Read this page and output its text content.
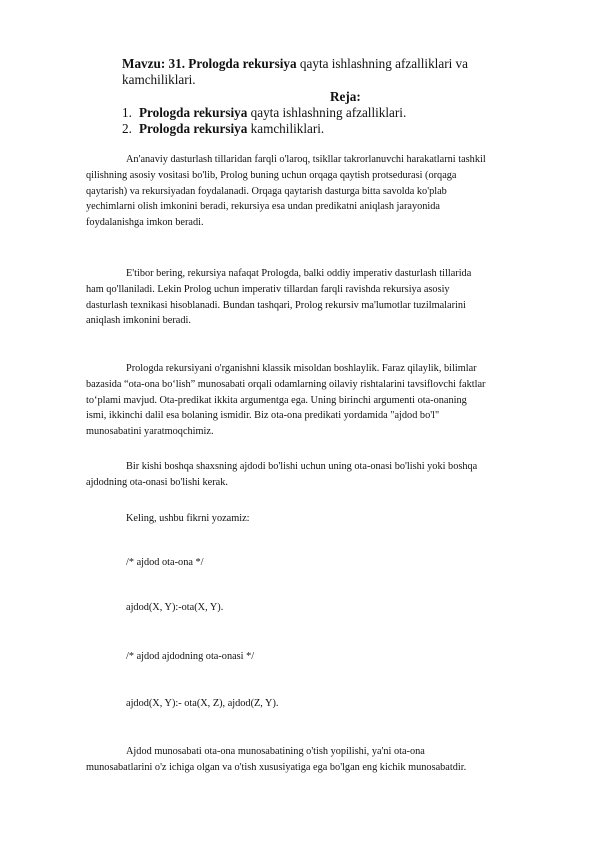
Mavzu: 31. Prologda rekursiya qayta ishlashning afzalliklari va
kamchiliklari.
Reja:
1. Prologda rekursiya qayta ishlashning afzalliklari.
2. Prologda rekursiya kamchiliklari.
An'anaviy dasturlash tillaridan farqli o'laroq, tsikllar takrorlanuvchi harakatlarni tashkil
qilishning asosiy vositasi bo'lib, Prolog buning uchun orqaga qaytish protsedurasi (orqaga
qaytarish) va rekursiyadan foydalanadi. Orqaga qaytarish dasturga bitta savolda ko'plab
yechimlarni olish imkonini beradi, rekursiya esa undan predikatni aniqlash jarayonida
foydalanishga imkon beradi.
E'tibor bering, rekursiya nafaqat Prologda, balki oddiy imperativ dasturlash tillarida
ham qo'llaniladi. Lekin Prolog uchun imperativ tillardan farqli ravishda rekursiya asosiy
dasturlash texnikasi hisoblanadi. Bundan tashqari, Prolog rekursiv ma'lumotlar tuzilmalarini
aniqlash imkonini beradi.
Prologda rekursiyani o'rganishni klassik misoldan boshlaylik. Faraz qilaylik, bilimlar
bazasida “ota-ona bo‘lish” munosabati orqali odamlarning oilaviy rishtalarini tavsiflovchi faktlar
to‘plami mavjud. Ota-predikat ikkita argumentga ega. Uning birinchi argumenti ota-onaning
ismi, ikkinchi dalil esa bolaning ismidir. Biz ota-ona predikati yordamida "ajdod bo'l"
munosabatini yaratmoqchimiz.
Bir kishi boshqa shaxsning ajdodi bo'lishi uchun uning ota-onasi bo'lishi yoki boshqa
ajdodning ota-onasi bo'lishi kerak.
Keling, ushbu fikrni yozamiz:
/* ajdod ota-ona */
ajdod(X, Y):-ota(X, Y).
/* ajdod ajdodning ota-onasi */
ajdod(X, Y):- ota(X, Z), ajdod(Z, Y).
Ajdod munosabati ota-ona munosabatining o'tish yopilishi, ya'ni ota-ona
munosabatlarini o'z ichiga olgan va o'tish xususiyatiga ega bo'lgan eng kichik munosabatdir.
